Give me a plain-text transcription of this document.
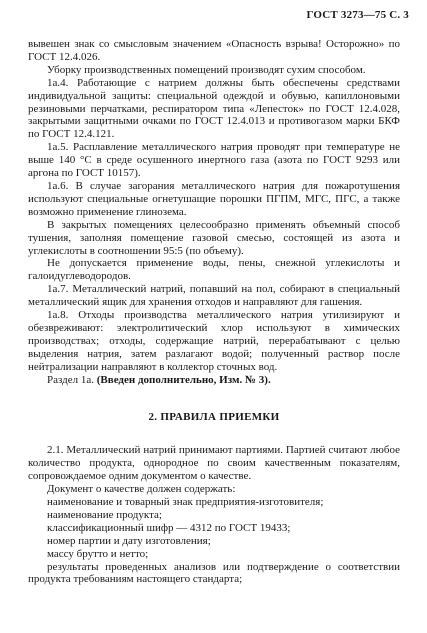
ГОСТ 3273—75 С. 3

вывешен знак со смысловым значением «Опасность взрыва! Осторожно» по ГОСТ 12.4.026.

Уборку производственных помещений производят сухим способом.

1а.4. Работающие с натрием должны быть обеспечены средствами индивидуальной защиты: специальной одеждой и обувью, капиллоновыми резиновыми перчатками, респиратором типа «Лепесток» по ГОСТ 12.4.028, закрытыми защитными очками по ГОСТ 12.4.013 и противогазом марки БКФ по ГОСТ 12.4.121.

1а.5. Расплавление металлического натрия проводят при температуре не выше 140 °С в среде осушенного инертного газа (азота по ГОСТ 9293 или аргона по ГОСТ 10157).

1а.6. В случае загорания металлического натрия для пожаротушения используют специальные огнетушащие порошки ПГПМ, МГС, ПГС, а также возможно применение глинозема.

В закрытых помещениях целесообразно применять объемный способ тушения, заполняя помещение газовой смесью, состоящей из азота и углекислоты в соотношении 95:5 (по объему).

Не допускается применение воды, пены, снежной углекислоты и галоидуглеводородов.

1а.7. Металлический натрий, попавший на пол, собирают в специальный металлический ящик для хранения отходов и направляют для гашения.

1а.8. Отходы производства металлического натрия утилизируют и обезвреживают: электролитический хлор используют в химических производствах; отходы, содержащие натрий, перерабатывают с целью выделения натрия, затем разлагают водой; полученный раствор после нейтрализации направляют в коллектор сточных вод.

Раздел 1а. (Введен дополнительно, Изм. № 3).

2. ПРАВИЛА ПРИЕМКИ

2.1. Металлический натрий принимают партиями. Партией считают любое количество продукта, однородное по своим качественным показателям, сопровождаемое одним документом о качестве.

Документ о качестве должен содержать:

наименование и товарный знак предприятия-изготовителя;

наименование продукта;

классификационный шифр — 4312 по ГОСТ 19433;

номер партии и дату изготовления;

массу брутто и нетто;

результаты проведенных анализов или подтверждение о соответствии продукта требованиям настоящего стандарта;
